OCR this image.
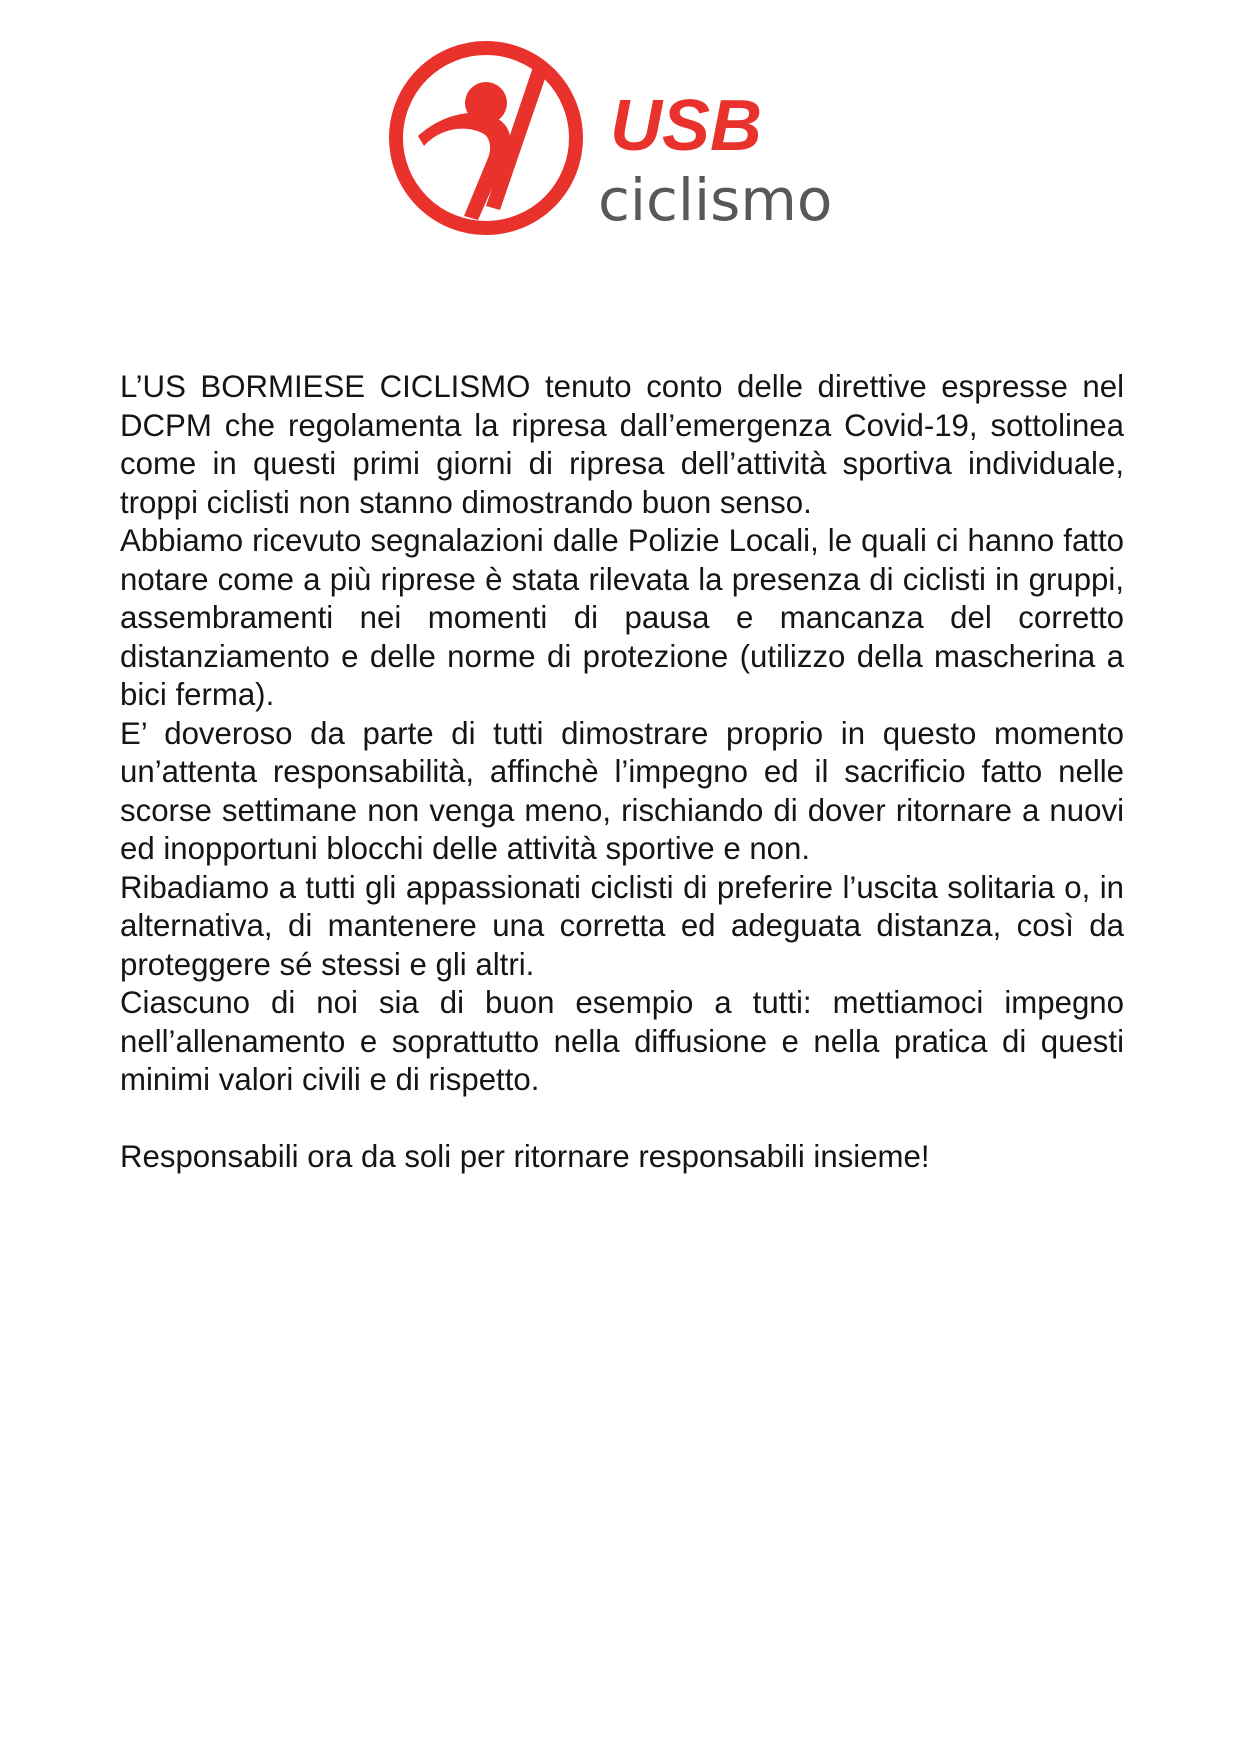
USB
ciclismo

L’US BORMIESE CICLISMO tenuto conto delle direttive espresse nel DCPM che regolamenta la ripresa dall’emergenza Covid-19, sottolinea come in questi primi giorni di ripresa dell’attività sportiva individuale, troppi ciclisti non stanno dimostrando buon senso.

Abbiamo ricevuto segnalazioni dalle Polizie Locali, le quali ci hanno fatto notare come a più riprese è stata rilevata la presenza di ciclisti in gruppi, assembramenti nei momenti di pausa e mancanza del corretto distanziamento e delle norme di protezione (utilizzo della mascherina a bici ferma).

E’ doveroso da parte di tutti dimostrare proprio in questo momento un’attenta responsabilità, affinchè l’impegno ed il sacrificio fatto nelle scorse settimane non venga meno, rischiando di dover ritornare a nuovi ed inopportuni blocchi delle attività sportive e non.

Ribadiamo a tutti gli appassionati ciclisti di preferire l’uscita solitaria o, in alternativa, di mantenere una corretta ed adeguata distanza, così da proteggere sé stessi e gli altri.

Ciascuno di noi sia di buon esempio a tutti: mettiamoci impegno nell’allenamento e soprattutto nella diffusione e nella pratica di questi minimi valori civili e di rispetto.

Responsabili ora da soli per ritornare responsabili insieme!
